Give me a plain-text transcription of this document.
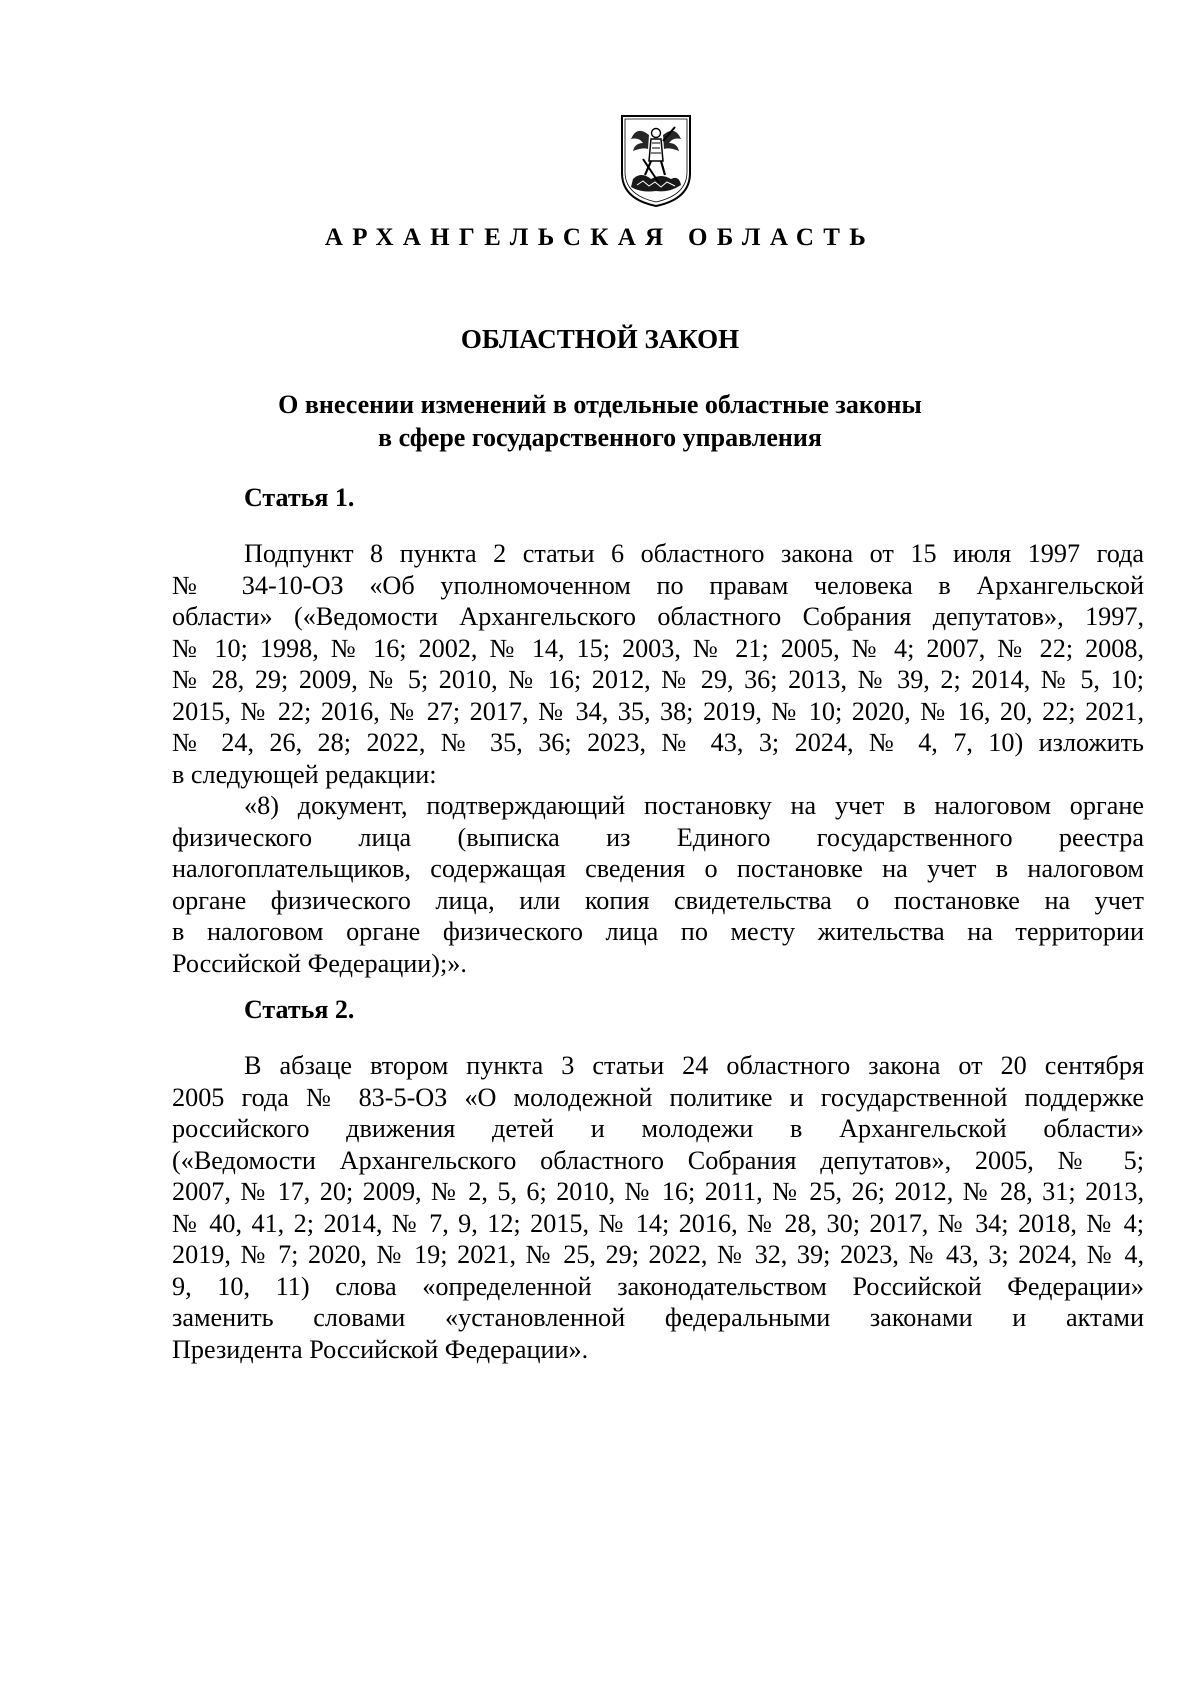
АРХАНГЕЛЬСКАЯ ОБЛАСТЬ
ОБЛАСТНОЙ ЗАКОН
О внесении изменений в отдельные областные законы
в сфере государственного управления
Статья 1.
Подпункт 8 пункта 2 статьи 6 областного закона от 15 июля 1997 года
№ 34-10-ОЗ «Об уполномоченном по правам человека в Архангельской
области» («Ведомости Архангельского областного Собрания депутатов», 1997,
№ 10; 1998, № 16; 2002, № 14, 15; 2003, № 21; 2005, № 4; 2007, № 22; 2008,
№ 28, 29; 2009, № 5; 2010, № 16; 2012, № 29, 36; 2013, № 39, 2; 2014, № 5, 10;
2015, № 22; 2016, № 27; 2017, № 34, 35, 38; 2019, № 10; 2020, № 16, 20, 22; 2021,
№ 24, 26, 28; 2022, № 35, 36; 2023, № 43, 3; 2024, № 4, 7, 10) изложить
в следующей редакции:
«8) документ, подтверждающий постановку на учет в налоговом органе
физического лица (выписка из Единого государственного реестра
налогоплательщиков, содержащая сведения о постановке на учет в налоговом
органе физического лица, или копия свидетельства о постановке на учет
в налоговом органе физического лица по месту жительства на территории
Российской Федерации);».
Статья 2.
В абзаце втором пункта 3 статьи 24 областного закона от 20 сентября
2005 года № 83-5-ОЗ «О молодежной политике и государственной поддержке
российского движения детей и молодежи в Архангельской области»
(«Ведомости Архангельского областного Собрания депутатов», 2005, № 5;
2007, № 17, 20; 2009, № 2, 5, 6; 2010, № 16; 2011, № 25, 26; 2012, № 28, 31; 2013,
№ 40, 41, 2; 2014, № 7, 9, 12; 2015, № 14; 2016, № 28, 30; 2017, № 34; 2018, № 4;
2019, № 7; 2020, № 19; 2021, № 25, 29; 2022, № 32, 39; 2023, № 43, 3; 2024, № 4,
9, 10, 11) слова «определенной законодательством Российской Федерации»
заменить словами «установленной федеральными законами и актами
Президента Российской Федерации».
